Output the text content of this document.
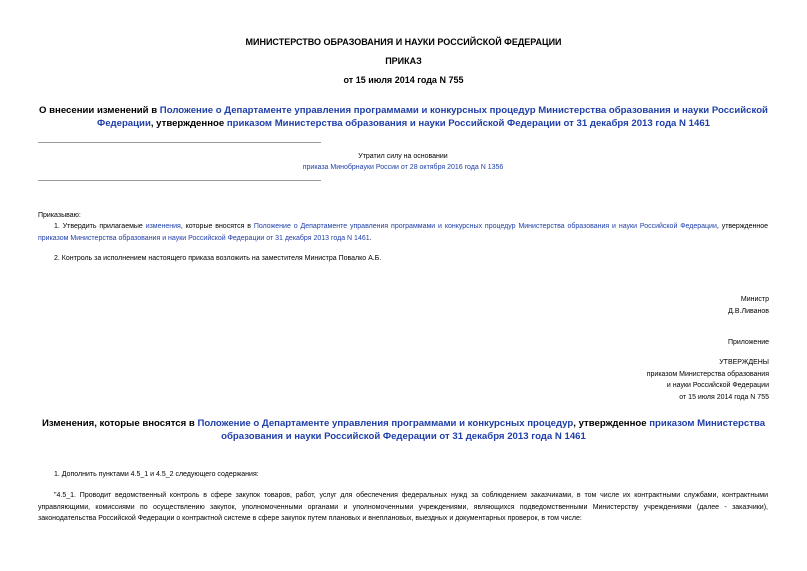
МИНИСТЕРСТВО ОБРАЗОВАНИЯ И НАУКИ РОССИЙСКОЙ ФЕДЕРАЦИИ
ПРИКАЗ
от 15 июля 2014 года N 755
О внесении изменений в Положение о Департаменте управления программами и конкурсных процедур Министерства образования и науки Российской Федерации, утвержденное приказом Министерства образования и науки Российской Федерации от 31 декабря 2013 года N 1461
Утратил силу на основании
приказа Минобрнауки России от 28 октября 2016 года N 1356
Приказываю:
1. Утвердить прилагаемые изменения, которые вносятся в Положение о Департаменте управления программами и конкурсных процедур Министерства образования и науки Российской Федерации, утвержденное приказом Министерства образования и науки Российской Федерации от 31 декабря 2013 года N 1461.
2. Контроль за исполнением настоящего приказа возложить на заместителя Министра Повалко А.Б.
Министр
Д.В.Ливанов
Приложение
УТВЕРЖДЕНЫ
приказом Министерства образования
и науки Российской Федерации
от 15 июля 2014 года N 755
Изменения, которые вносятся в Положение о Департаменте управления программами и конкурсных процедур, утвержденное приказом Министерства образования и науки Российской Федерации от 31 декабря 2013 года N 1461
1. Дополнить пунктами 4.5_1 и 4.5_2 следующего содержания:
"4.5_1. Проводит ведомственный контроль в сфере закупок товаров, работ, услуг для обеспечения федеральных нужд за соблюдением заказчиками, в том числе их контрактными службами, контрактными управляющими, комиссиями по осуществлению закупок, уполномоченными органами и уполномоченными учреждениями, являющихся подведомственными Министерству учреждениями (далее - заказчики), законодательства Российской Федерации о контрактной системе в сфере закупок путем плановых и внеплановых, выездных и документарных проверок, в том числе:
